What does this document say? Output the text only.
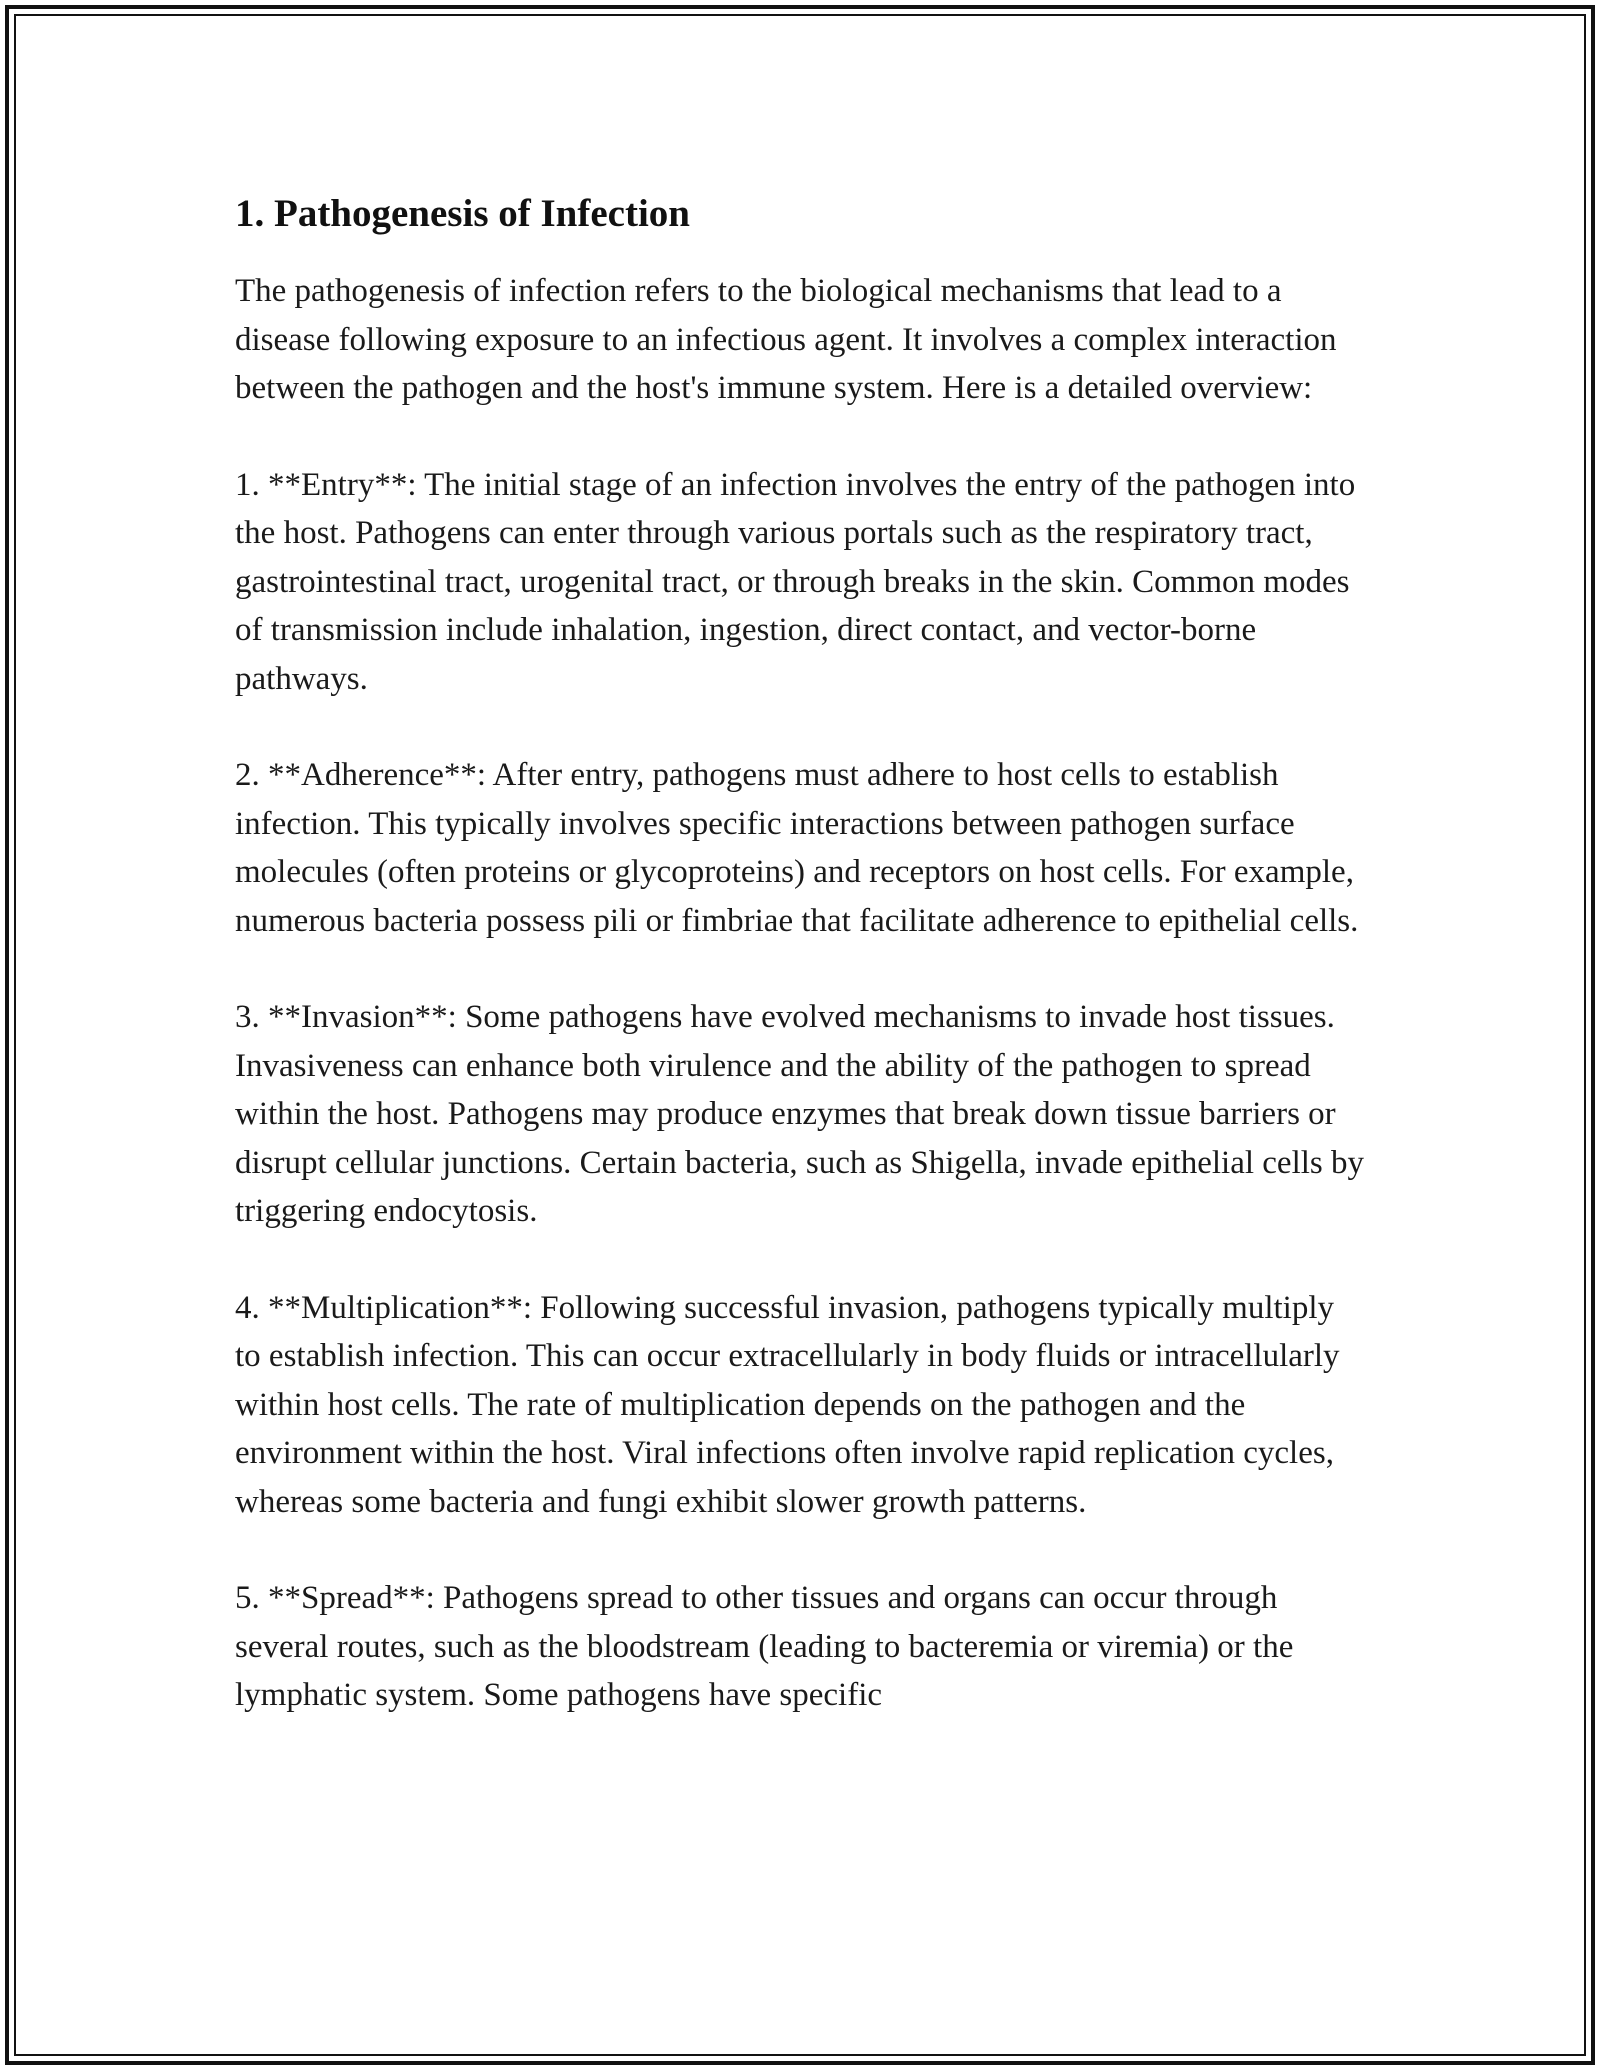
1. Pathogenesis of Infection

The pathogenesis of infection refers to the biological mechanisms that lead to a disease following exposure to an infectious agent. It involves a complex interaction between the pathogen and the host's immune system. Here is a detailed overview:

1. **Entry**: The initial stage of an infection involves the entry of the pathogen into the host. Pathogens can enter through various portals such as the respiratory tract, gastrointestinal tract, urogenital tract, or through breaks in the skin. Common modes of transmission include inhalation, ingestion, direct contact, and vector-borne pathways.

2. **Adherence**: After entry, pathogens must adhere to host cells to establish infection. This typically involves specific interactions between pathogen surface molecules (often proteins or glycoproteins) and receptors on host cells. For example, numerous bacteria possess pili or fimbriae that facilitate adherence to epithelial cells.

3. **Invasion**: Some pathogens have evolved mechanisms to invade host tissues. Invasiveness can enhance both virulence and the ability of the pathogen to spread within the host. Pathogens may produce enzymes that break down tissue barriers or disrupt cellular junctions. Certain bacteria, such as Shigella, invade epithelial cells by triggering endocytosis.

4. **Multiplication**: Following successful invasion, pathogens typically multiply to establish infection. This can occur extracellularly in body fluids or intracellularly within host cells. The rate of multiplication depends on the pathogen and the environment within the host. Viral infections often involve rapid replication cycles, whereas some bacteria and fungi exhibit slower growth patterns.

5. **Spread**: Pathogens spread to other tissues and organs can occur through several routes, such as the bloodstream (leading to bacteremia or viremia) or the lymphatic system. Some pathogens have specific
